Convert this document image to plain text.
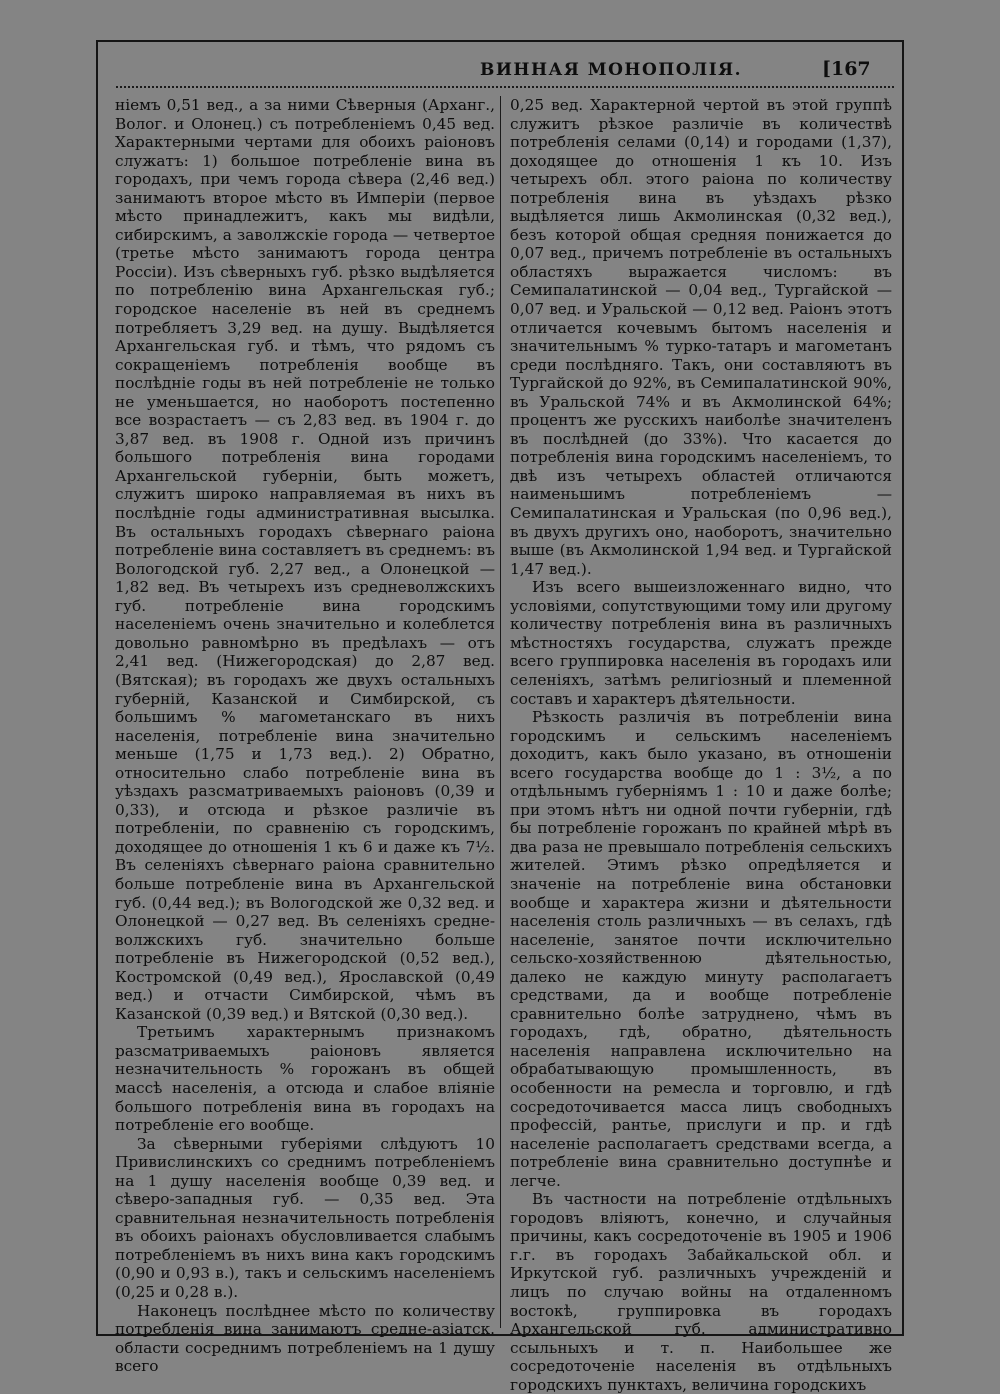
ВИННАЯ МОНОПОЛІЯ.	[167

ніемъ 0,51 вед., а за ними Сѣверныя (Арханг., Волог. и Олонец.) съ потребленіемъ 0,45 вед. Характерными чертами для обоихъ раіоновъ служатъ: 1) большое потребленіе вина въ городахъ, при чемъ города сѣвера (2,46 вед.) занимаютъ второе мѣсто въ Имперіи (первое мѣсто принадлежитъ, какъ мы видѣли, сибирскимъ, а заволжскіе города — четвертое (третье мѣсто занимаютъ города центра Россіи). Изъ сѣверныхъ губ. рѣзко выдѣляется по потребленію вина Архангельская губ.; городское населеніе въ ней въ среднемъ потребляетъ 3,29 вед. на душу. Выдѣляется Архангельская губ. и тѣмъ, что рядомъ съ сокращеніемъ потребленія вообще въ послѣдніе годы въ ней потребленіе не только не уменьшается, но наоборотъ постепенно все возрастаетъ — съ 2,83 вед. въ 1904 г. до 3,87 вед. въ 1908 г. Одной изъ причинъ большого потребленія вина городами Архангельской губерніи, быть можетъ, служитъ широко направляемая въ нихъ въ послѣдніе годы административная высылка. Въ остальныхъ городахъ сѣвернаго раіона потребленіе вина составляетъ въ среднемъ: въ Вологодской губ. 2,27 вед., а Олонецкой — 1,82 вед. Въ четырехъ изъ средневолжскихъ губ. потребленіе вина городскимъ населеніемъ очень значительно и колеблется довольно равномѣрно въ предѣлахъ — отъ 2,41 вед. (Нижегородская) до 2,87 вед. (Вятская); въ городахъ же двухъ остальныхъ губерній, Казанской и Симбирской, съ большимъ % магометанскаго въ нихъ населенія, потребленіе вина значительно меньше (1,75 и 1,73 вед.). 2) Обратно, относительно слабо потребленіе вина въ уѣздахъ разсматриваемыхъ раіоновъ (0,39 и 0,33), и отсюда и рѣзкое различіе въ потребленіи, по сравненію съ городскимъ, доходящее до отношенія 1 къ 6 и даже къ 7½. Въ селеніяхъ сѣвернаго раіона сравнительно больше потребленіе вина въ Архангельской губ. (0,44 вед.); въ Вологодской же 0,32 вед. и Олонецкой — 0,27 вед. Въ селеніяхъ средне-волжскихъ губ. значительно больше потребленіе въ Нижегородской (0,52 вед.), Костромской (0,49 вед.), Ярославской (0,49 вед.) и отчасти Симбирской, чѣмъ въ Казанской (0,39 вед.) и Вятской (0,30 вед.).

Третьимъ характернымъ признакомъ разсматриваемыхъ раіоновъ является незначительность % горожанъ въ общей массѣ населенія, а отсюда и слабое вліяніе большого потребленія вина въ городахъ на потребленіе его вообще.

За сѣверными губеріями слѣдуютъ 10 Привислинскихъ со среднимъ потребленіемъ на 1 душу населенія вообще 0,39 вед. и сѣверо-западныя губ. — 0,35 вед. Эта сравнительная незначительность потребленія въ обоихъ раіонахъ обусловливается слабымъ потребленіемъ въ нихъ вина какъ городскимъ (0,90 и 0,93 в.), такъ и сельскимъ населеніемъ (0,25 и 0,28 в.).

Наконецъ послѣднее мѣсто по количеству потребленія вина занимаютъ средне-азіатск. области сосреднимъ потребленіемъ на 1 душу всего

0,25 вед. Характерной чертой въ этой группѣ служитъ рѣзкое различіе въ количествѣ потребленія селами (0,14) и городами (1,37), доходящее до отношенія 1 къ 10. Изъ четырехъ обл. этого раіона по количеству потребленія вина въ уѣздахъ рѣзко выдѣляется лишь Акмолинская (0,32 вед.), безъ которой общая средняя понижается до 0,07 вед., причемъ потребленіе въ остальныхъ областяхъ выражается числомъ: въ Семипалатинской — 0,04 вед., Тургайской — 0,07 вед. и Уральской — 0,12 вед. Раіонъ этотъ отличается кочевымъ бытомъ населенія и значительнымъ % турко-татаръ и магометанъ среди послѣдняго. Такъ, они составляютъ въ Тургайской до 92%, въ Семипалатинской 90%, въ Уральской 74% и въ Акмолинской 64%; процентъ же русскихъ наиболѣе значителенъ въ послѣдней (до 33%). Что касается до потребленія вина городскимъ населеніемъ, то двѣ изъ четырехъ областей отличаются наименьшимъ потребленіемъ — Семипалатинская и Уральская (по 0,96 вед.), въ двухъ другихъ оно, наоборотъ, значительно выше (въ Акмолинской 1,94 вед. и Тургайской 1,47 вед.).

Изъ всего вышеизложеннаго видно, что условіями, сопутствующими тому или другому количеству потребленія вина въ различныхъ мѣстностяхъ государства, служатъ прежде всего группировка населенія въ городахъ или селеніяхъ, затѣмъ религіозный и племенной составъ и характеръ дѣятельности.

Рѣзкость различія въ потребленіи вина городскимъ и сельскимъ населеніемъ доходитъ, какъ было указано, въ отношеніи всего государства вообще до 1 : 3½, а по отдѣльнымъ губерніямъ 1 : 10 и даже болѣе; при этомъ нѣтъ ни одной почти губерніи, гдѣ бы потребленіе горожанъ по крайней мѣрѣ въ два раза не превышало потребленія сельскихъ жителей. Этимъ рѣзко опредѣляется и значеніе на потребленіе вина обстановки вообще и характера жизни и дѣятельности населенія столь различныхъ — въ селахъ, гдѣ населеніе, занятое почти исключительно сельско-хозяйственною дѣятельностью, далеко не каждую минуту располагаетъ средствами, да и вообще потребленіе сравнительно болѣе затруднено, чѣмъ въ городахъ, гдѣ, обратно, дѣятельность населенія направлена исключительно на обрабатывающую промышленность, въ особенности на ремесла и торговлю, и гдѣ сосредоточивается масса лицъ свободныхъ профессій, рантье, прислуги и пр. и гдѣ населеніе располагаетъ средствами всегда, а потребленіе вина сравнительно доступнѣе и легче.

Въ частности на потребленіе отдѣльныхъ городовъ вліяютъ, конечно, и случайныя причины, какъ сосредоточеніе въ 1905 и 1906 г.г. въ городахъ Забайкальской обл. и Иркутской губ. различныхъ учрежденій и лицъ по случаю войны на отдаленномъ востокѣ, группировка въ городахъ Архангельской губ. административно ссыльныхъ и т. п. Наибольшее же сосредоточеніе населенія въ отдѣльныхъ городскихъ пунктахъ, величина городскихъ
